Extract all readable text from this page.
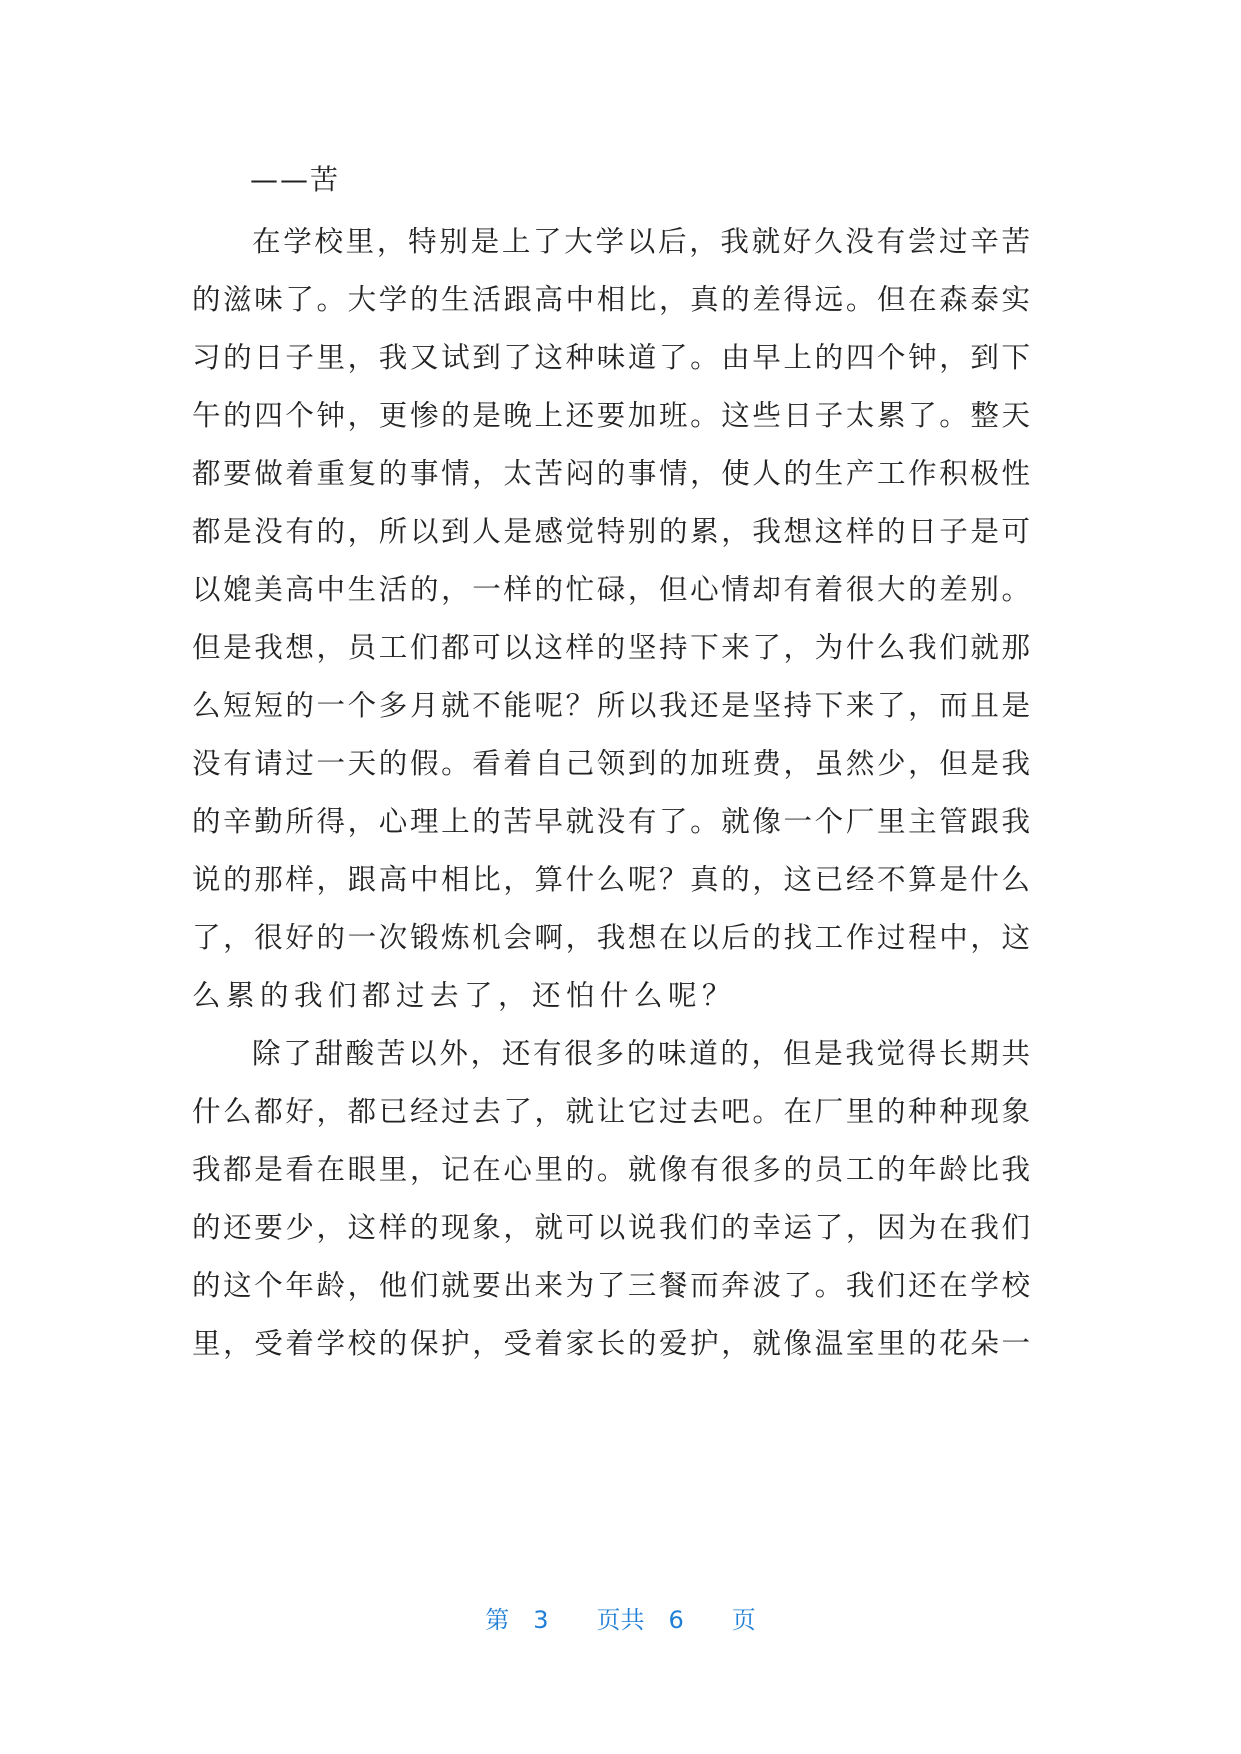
——苦
在学校里，特别是上了大学以后，我就好久没有尝过辛苦
的滋味了。大学的生活跟高中相比，真的差得远。但在森泰实
习的日子里，我又试到了这种味道了。由早上的四个钟，到下
午的四个钟，更惨的是晚上还要加班。这些日子太累了。整天
都要做着重复的事情，太苦闷的事情，使人的生产工作积极性
都是没有的，所以到人是感觉特别的累，我想这样的日子是可
以媲美高中生活的，一样的忙碌，但心情却有着很大的差别。
但是我想，员工们都可以这样的坚持下来了，为什么我们就那
么短短的一个多月就不能呢？所以我还是坚持下来了，而且是
没有请过一天的假。看着自己领到的加班费，虽然少，但是我
的辛勤所得，心理上的苦早就没有了。就像一个厂里主管跟我
说的那样，跟高中相比，算什么呢？真的，这已经不算是什么
了，很好的一次锻炼机会啊，我想在以后的找工作过程中，这
么累的我们都过去了，还怕什么呢？
除了甜酸苦以外，还有很多的味道的，但是我觉得长期共
什么都好，都已经过去了，就让它过去吧。在厂里的种种现象
我都是看在眼里，记在心里的。就像有很多的员工的年龄比我
的还要少，这样的现象，就可以说我们的幸运了，因为在我们
的这个年龄，他们就要出来为了三餐而奔波了。我们还在学校
里，受着学校的保护，受着家长的爱护，就像温室里的花朵一
第 3 页共 6 页
